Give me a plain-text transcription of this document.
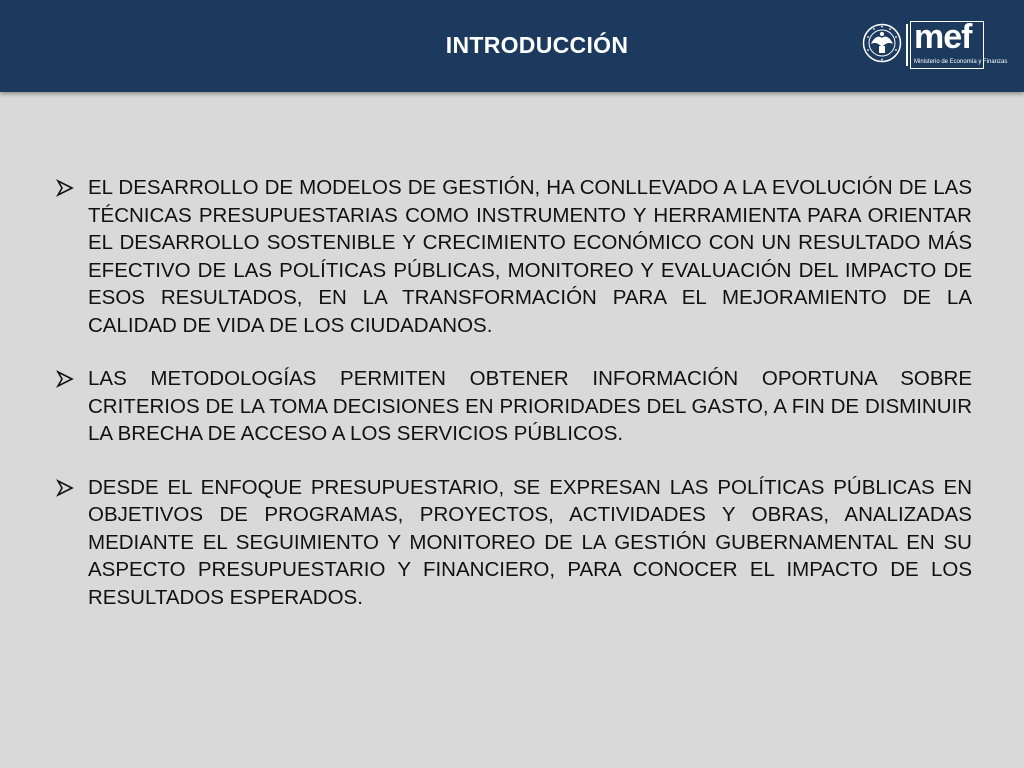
INTRODUCCIÓN	mef
Ministerio de Economía y Finanzas

EL DESARROLLO DE MODELOS DE GESTIÓN, HA CONLLEVADO A LA EVOLUCIÓN DE LAS TÉCNICAS PRESUPUESTARIAS COMO INSTRUMENTO Y HERRAMIENTA PARA ORIENTAR EL DESARROLLO SOSTENIBLE Y CRECIMIENTO ECONÓMICO CON UN RESULTADO MÁS EFECTIVO DE LAS POLÍTICAS PÚBLICAS, MONITOREO Y EVALUACIÓN DEL IMPACTO DE ESOS RESULTADOS, EN LA TRANSFORMACIÓN PARA EL MEJORAMIENTO DE LA CALIDAD DE VIDA DE LOS CIUDADANOS.

LAS METODOLOGÍAS PERMITEN OBTENER INFORMACIÓN OPORTUNA SOBRE CRITERIOS DE LA TOMA DECISIONES EN PRIORIDADES DEL GASTO, A FIN DE DISMINUIR LA BRECHA DE ACCESO A LOS SERVICIOS PÚBLICOS.

DESDE EL ENFOQUE PRESUPUESTARIO, SE EXPRESAN LAS POLÍTICAS PÚBLICAS EN OBJETIVOS DE PROGRAMAS, PROYECTOS, ACTIVIDADES Y OBRAS, ANALIZADAS MEDIANTE EL SEGUIMIENTO Y MONITOREO DE LA GESTIÓN GUBERNAMENTAL EN SU ASPECTO PRESUPUESTARIO Y FINANCIERO, PARA CONOCER EL IMPACTO DE LOS RESULTADOS ESPERADOS.
